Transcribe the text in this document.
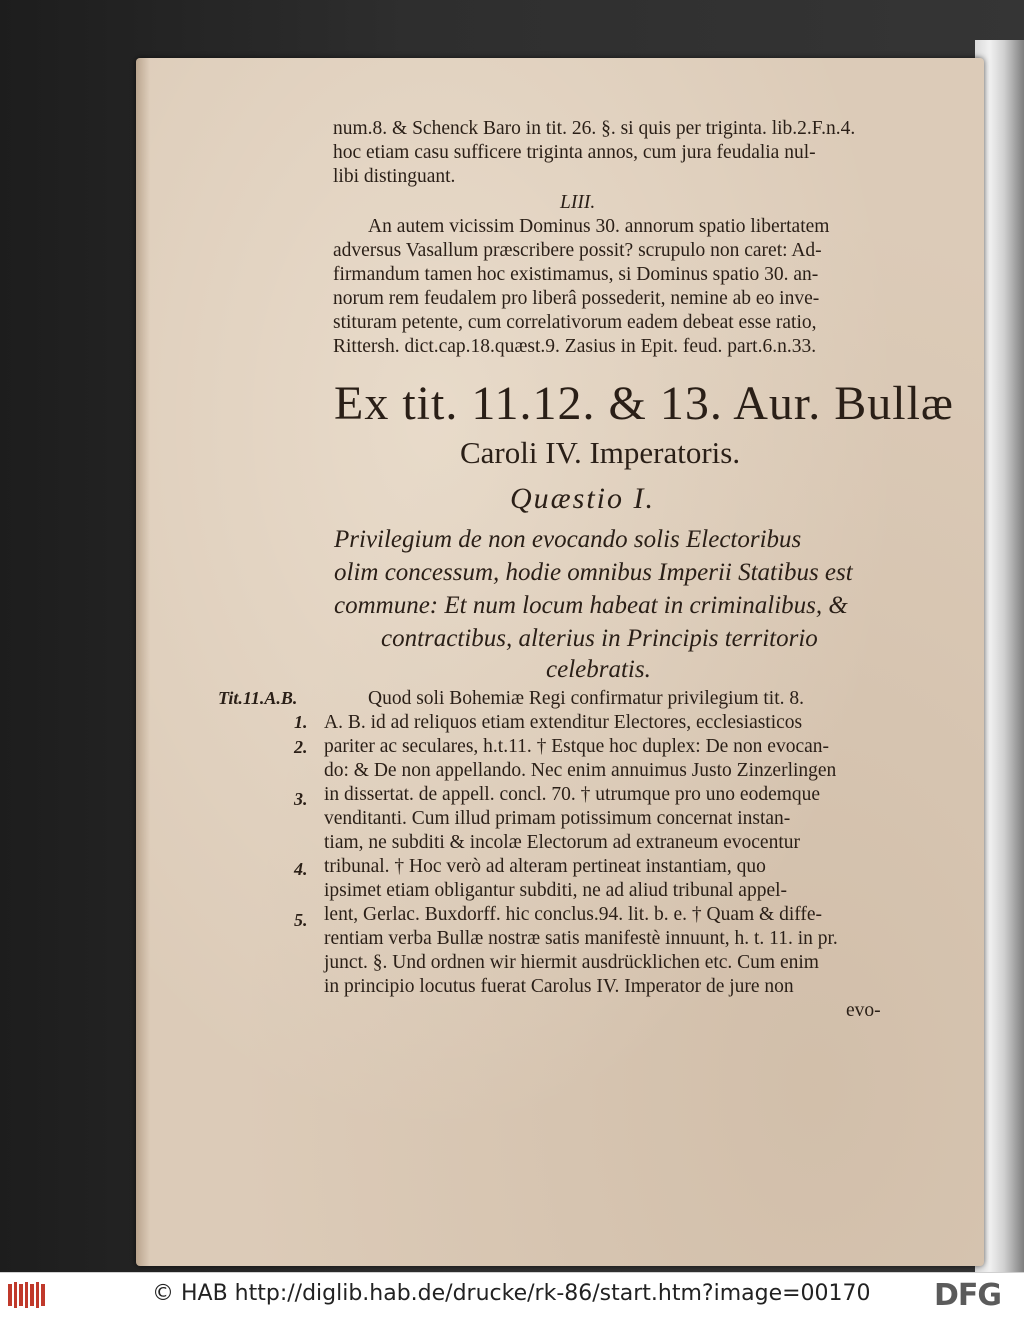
num.8. & Schenck Baro in tit. 26. §. si quis per triginta. lib.2.F.n.4.
hoc etiam casu sufficere triginta annos, cum jura feudalia nul-
libi distinguant.
LIII.
An autem vicissim Dominus 30. annorum spatio libertatem
adversus Vasallum præscribere possit? scrupulo non caret: Ad-
firmandum tamen hoc existimamus, si Dominus spatio 30. an-
norum rem feudalem pro liberâ possederit, nemine ab eo inve-
stituram petente, cum correlativorum eadem debeat esse ratio,
Rittersh. dict.cap.18.quæst.9. Zasius in Epit. feud. part.6.n.33.
Ex tit. 11.12. & 13. Aur. Bullæ
Caroli IV. Imperatoris.
Quæstio I.
Privilegium de non evocando solis Electoribus
olim concessum, hodie omnibus Imperii Statibus est
commune: Et num locum habeat in criminalibus, &
contractibus, alterius in Principis territorio
celebratis.
Tit.11.A.B.
1.
2.
3.
4.
5.
Quod soli Bohemiæ Regi confirmatur privilegium tit. 8.
A. B. id ad reliquos etiam extenditur Electores, ecclesiasticos
pariter ac seculares, h.t.11. † Estque hoc duplex: De non evocan-
do: & De non appellando. Nec enim annuimus Justo Zinzerlingen
in dissertat. de appell. concl. 70. † utrumque pro uno eodemque
venditanti. Cum illud primam potissimum concernat instan-
tiam, ne subditi & incolæ Electorum ad extraneum evocentur
tribunal. † Hoc verò ad alteram pertineat instantiam, quo
ipsimet etiam obligantur subditi, ne ad aliud tribunal appel-
lent, Gerlac. Buxdorff. hic conclus.94. lit. b. e. † Quam & diffe-
rentiam verba Bullæ nostræ satis manifestè innuunt, h. t. 11. in pr.
junct. §. Und ordnen wir hiermit ausdrücklichen etc. Cum enim
in principio locutus fuerat Carolus IV. Imperator de jure non
evo-
© HAB http://diglib.hab.de/drucke/rk-86/start.htm?image=00170 DFG
